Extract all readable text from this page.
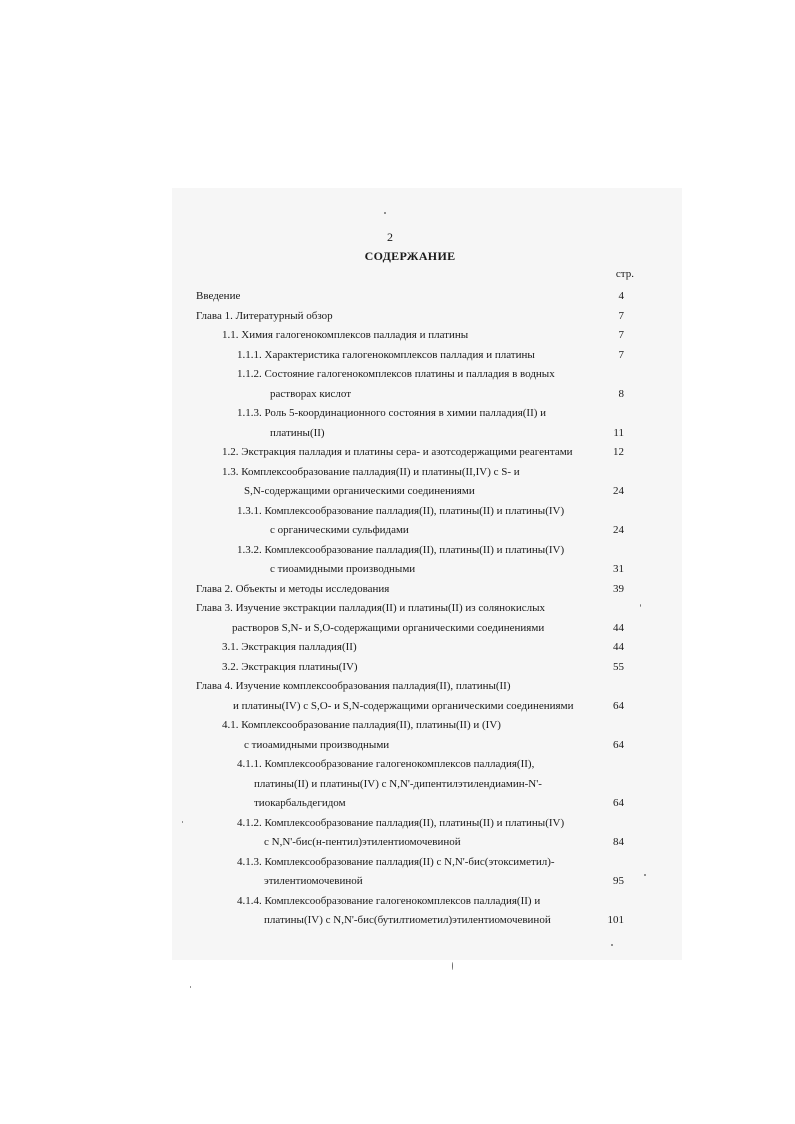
2
СОДЕРЖАНИЕ
стр.
Введение	4
Глава 1. Литературный обзор	7
1.1. Химия галогенокомплексов палладия и платины	7
1.1.1. Характеристика галогенокомплексов палладия и платины	7
1.1.2. Состояние галогенокомплексов платины и палладия в водных
растворах кислот	8
1.1.3. Роль 5-координационного состояния в химии палладия(II) и
платины(II)	11
1.2. Экстракция палладия и платины сера- и азотсодержащими реагентами	12
1.3. Комплексообразование палладия(II) и платины(II,IV) с S- и
S,N-содержащими органическими соединениями	24
1.3.1. Комплексообразование палладия(II), платины(II) и платины(IV)
с органическими сульфидами	24
1.3.2. Комплексообразование палладия(II), платины(II) и платины(IV)
с тиоамидными производными	31
Глава 2. Объекты и методы исследования	39
Глава 3. Изучение экстракции палладия(II) и платины(II) из солянокислых
растворов S,N- и S,O-содержащими органическими соединениями	44
3.1. Экстракция палладия(II)	44
3.2. Экстракция платины(IV)	55
Глава 4. Изучение комплексообразования палладия(II), платины(II)
и платины(IV) с S,O- и S,N-содержащими органическими соединениями	64
4.1. Комплексообразование палладия(II), платины(II) и (IV)
с тиоамидными производными	64
4.1.1. Комплексообразование галогенокомплексов палладия(II),
платины(II) и платины(IV) с N,N'-дипентилэтилендиамин-N'-
тиокарбальдегидом	64
4.1.2. Комплексообразование палладия(II), платины(II) и платины(IV)
с N,N'-бис(н-пентил)этилентиомочевиной	84
4.1.3. Комплексообразование палладия(II) с N,N'-бис(этоксиметил)-
этилентиомочевиной	95
4.1.4. Комплексообразование галогенокомплексов палладия(II) и
платины(IV) с N,N'-бис(бутилтиометил)этилентиомочевиной	101
